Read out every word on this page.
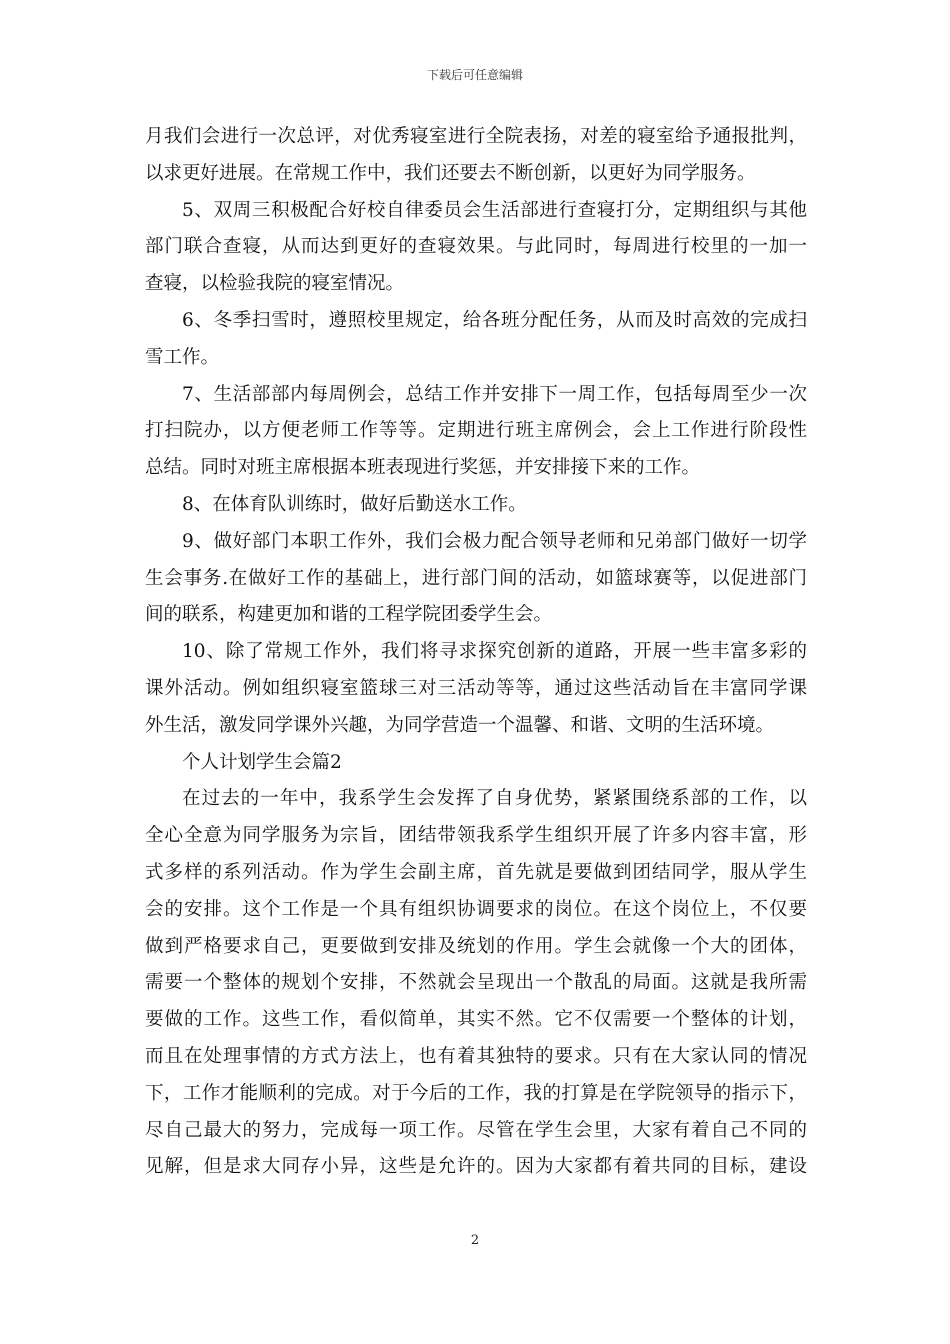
下载后可任意编辑
月我们会进行一次总评，对优秀寝室进行全院表扬，对差的寝室给予通报批判，
以求更好进展。在常规工作中，我们还要去不断创新，以更好为同学服务。
5、双周三积极配合好校自律委员会生活部进行查寝打分，定期组织与其他
部门联合查寝，从而达到更好的查寝效果。与此同时，每周进行校里的一加一
查寝，以检验我院的寝室情况。
6、冬季扫雪时，遵照校里规定，给各班分配任务，从而及时高效的完成扫
雪工作。
7、生活部部内每周例会，总结工作并安排下一周工作，包括每周至少一次
打扫院办，以方便老师工作等等。定期进行班主席例会，会上工作进行阶段性
总结。同时对班主席根据本班表现进行奖惩，并安排接下来的工作。
8、在体育队训练时，做好后勤送水工作。
9、做好部门本职工作外，我们会极力配合领导老师和兄弟部门做好一切学
生会事务.在做好工作的基础上，进行部门间的活动，如篮球赛等，以促进部门
间的联系，构建更加和谐的工程学院团委学生会。
10、除了常规工作外，我们将寻求探究创新的道路，开展一些丰富多彩的
课外活动。例如组织寝室篮球三对三活动等等，通过这些活动旨在丰富同学课
外生活，激发同学课外兴趣，为同学营造一个温馨、和谐、文明的生活环境。
个人计划学生会篇2
在过去的一年中，我系学生会发挥了自身优势，紧紧围绕系部的工作，以
全心全意为同学服务为宗旨，团结带领我系学生组织开展了许多内容丰富，形
式多样的系列活动。作为学生会副主席，首先就是要做到团结同学，服从学生
会的安排。这个工作是一个具有组织协调要求的岗位。在这个岗位上，不仅要
做到严格要求自己，更要做到安排及统划的作用。学生会就像一个大的团体，
需要一个整体的规划个安排，不然就会呈现出一个散乱的局面。这就是我所需
要做的工作。这些工作，看似简单，其实不然。它不仅需要一个整体的计划，
而且在处理事情的方式方法上，也有着其独特的要求。只有在大家认同的情况
下，工作才能顺利的完成。对于今后的工作，我的打算是在学院领导的指示下，
尽自己最大的努力，完成每一项工作。尽管在学生会里，大家有着自己不同的
见解，但是求大同存小异，这些是允许的。因为大家都有着共同的目标，建设
2
